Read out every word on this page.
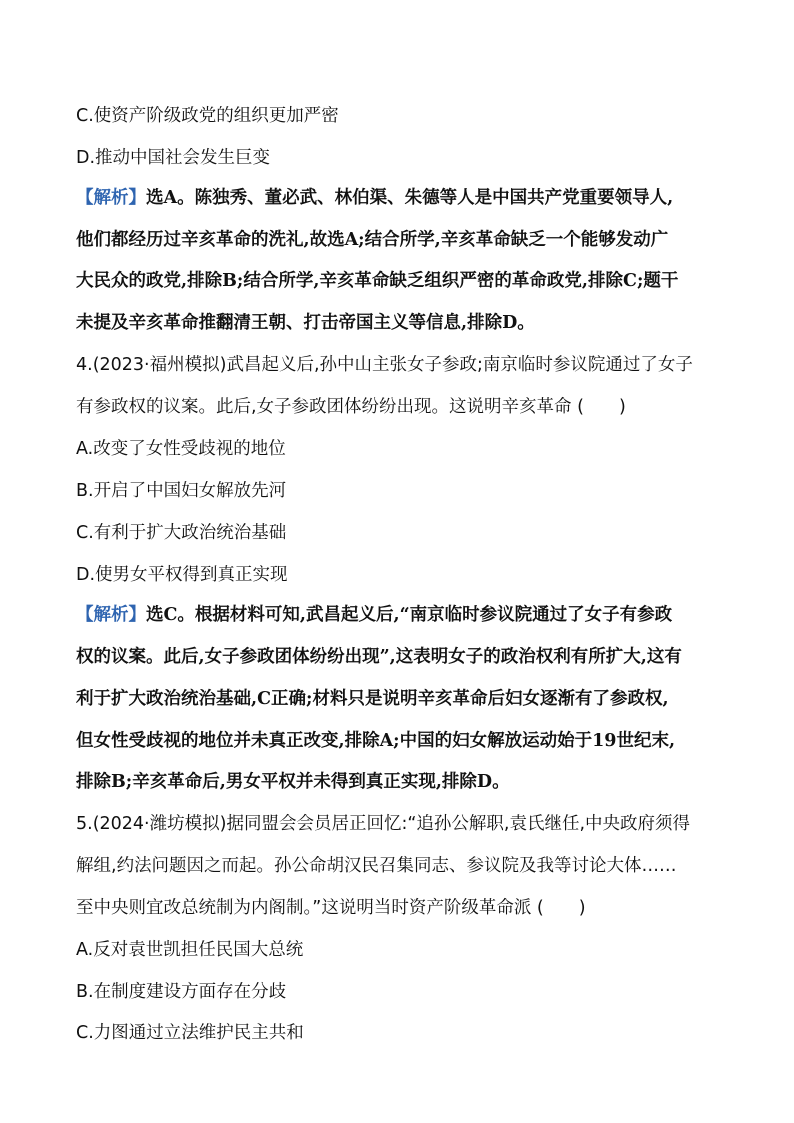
C.使资产阶级政党的组织更加严密
D.推动中国社会发生巨变
【解析】选A。陈独秀、董必武、林伯渠、朱德等人是中国共产党重要领导人,
他们都经历过辛亥革命的洗礼,故选A;结合所学,辛亥革命缺乏一个能够发动广
大民众的政党,排除B;结合所学,辛亥革命缺乏组织严密的革命政党,排除C;题干
未提及辛亥革命推翻清王朝、打击帝国主义等信息,排除D。
4.(2023·福州模拟)武昌起义后,孙中山主张女子参政;南京临时参议院通过了女子
有参政权的议案。此后,女子参政团体纷纷出现。这说明辛亥革命 (　　)
A.改变了女性受歧视的地位
B.开启了中国妇女解放先河
C.有利于扩大政治统治基础
D.使男女平权得到真正实现
【解析】选C。根据材料可知,武昌起义后,“南京临时参议院通过了女子有参政
权的议案。此后,女子参政团体纷纷出现”,这表明女子的政治权利有所扩大,这有
利于扩大政治统治基础,C正确;材料只是说明辛亥革命后妇女逐渐有了参政权,
但女性受歧视的地位并未真正改变,排除A;中国的妇女解放运动始于19世纪末,
排除B;辛亥革命后,男女平权并未得到真正实现,排除D。
5.(2024·潍坊模拟)据同盟会会员居正回忆:“追孙公解职,袁氏继任,中央政府须得
解组,约法问题因之而起。孙公命胡汉民召集同志、参议院及我等讨论大体……
至中央则宜改总统制为内阁制。”这说明当时资产阶级革命派 (　　)
A.反对袁世凯担任民国大总统
B.在制度建设方面存在分歧
C.力图通过立法维护民主共和
